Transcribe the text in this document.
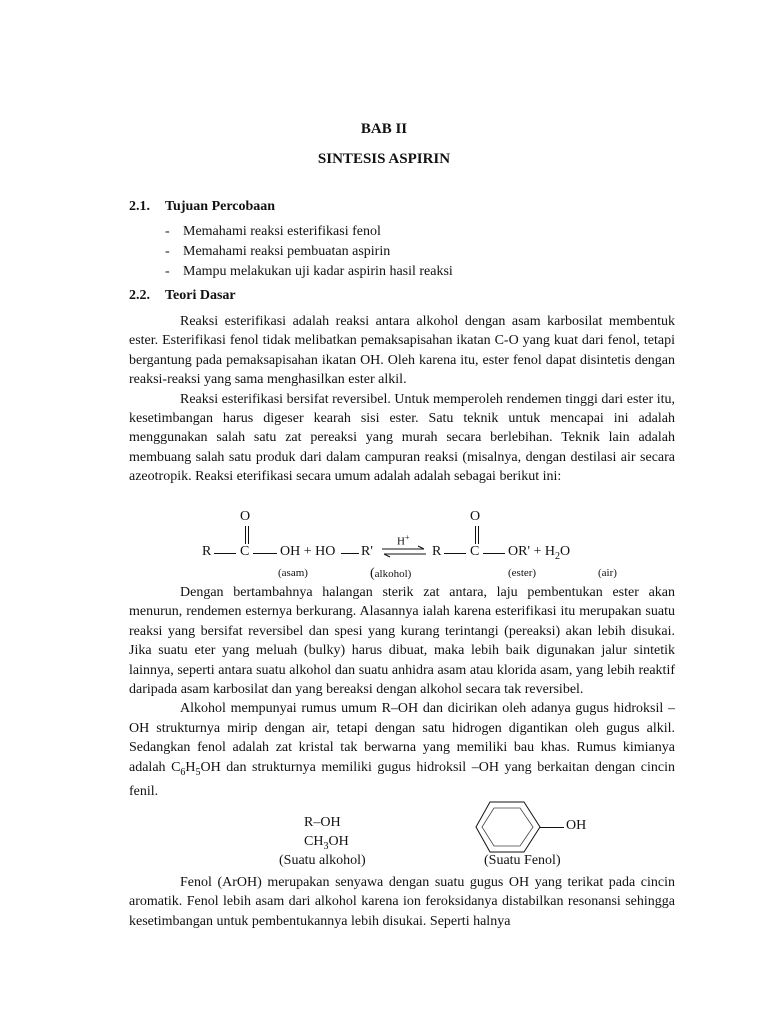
BAB II
SINTESIS ASPIRIN
2.1. Tujuan Percobaan
- Memahami reaksi esterifikasi fenol
- Memahami reaksi pembuatan aspirin
- Mampu melakukan uji kadar aspirin hasil reaksi
2.2. Teori Dasar

Reaksi esterifikasi adalah reaksi antara alkohol dengan asam karbosilat membentuk ester. Esterifikasi fenol tidak melibatkan pemaksapisahan ikatan C-O yang kuat dari fenol, tetapi bergantung pada pemaksapisahan ikatan OH. Oleh karena itu, ester fenol dapat disintetis dengan reaksi-reaksi yang sama menghasilkan ester alkil.

Reaksi esterifikasi bersifat reversibel. Untuk memperoleh rendemen tinggi dari ester itu, kesetimbangan harus digeser kearah sisi ester. Satu teknik untuk mencapai ini adalah menggunakan salah satu zat pereaksi yang murah secara berlebihan. Teknik lain adalah membuang salah satu produk dari dalam campuran reaksi (misalnya, dengan destilasi air secara azeotropik. Reaksi eterifikasi secara umum adalah adalah sebagai berikut ini:

O
R C OH + HO R'
H+
O
R C $OR' + H_2O$
(asam)	(alkohol)	(ester)	(air)

Dengan bertambahnya halangan sterik zat antara, laju pembentukan ester akan menurun, rendemen esternya berkurang. Alasannya ialah karena esterifikasi itu merupakan suatu reaksi yang bersifat reversibel dan spesi yang kurang terintangi (pereaksi) akan lebih disukai. Jika suatu eter yang meluah (bulky) harus dibuat, maka lebih baik digunakan jalur sintetik lainnya, seperti antara suatu alkohol dan suatu anhidra asam atau klorida asam, yang lebih reaktif daripada asam karbosilat dan yang bereaksi dengan alkohol secara tak reversibel.

Alkohol mempunyai rumus umum R–OH dan dicirikan oleh adanya gugus hidroksil –OH strukturnya mirip dengan air, tetapi dengan satu hidrogen digantikan oleh gugus alkil. Sedangkan fenol adalah zat kristal tak berwarna yang memiliki bau khas. Rumus kimianya adalah $C_6H_5OH$ dan strukturnya memiliki gugus hidroksil –OH yang berkaitan dengan cincin fenil.

R–OH
$CH_3OH$
(Suatu alkohol)
OH
(Suatu Fenol)

Fenol (ArOH) merupakan senyawa dengan suatu gugus OH yang terikat pada cincin aromatik. Fenol lebih asam dari alkohol karena ion feroksidanya distabilkan resonansi sehingga kesetimbangan untuk pembentukannya lebih disukai. Seperti halnya
